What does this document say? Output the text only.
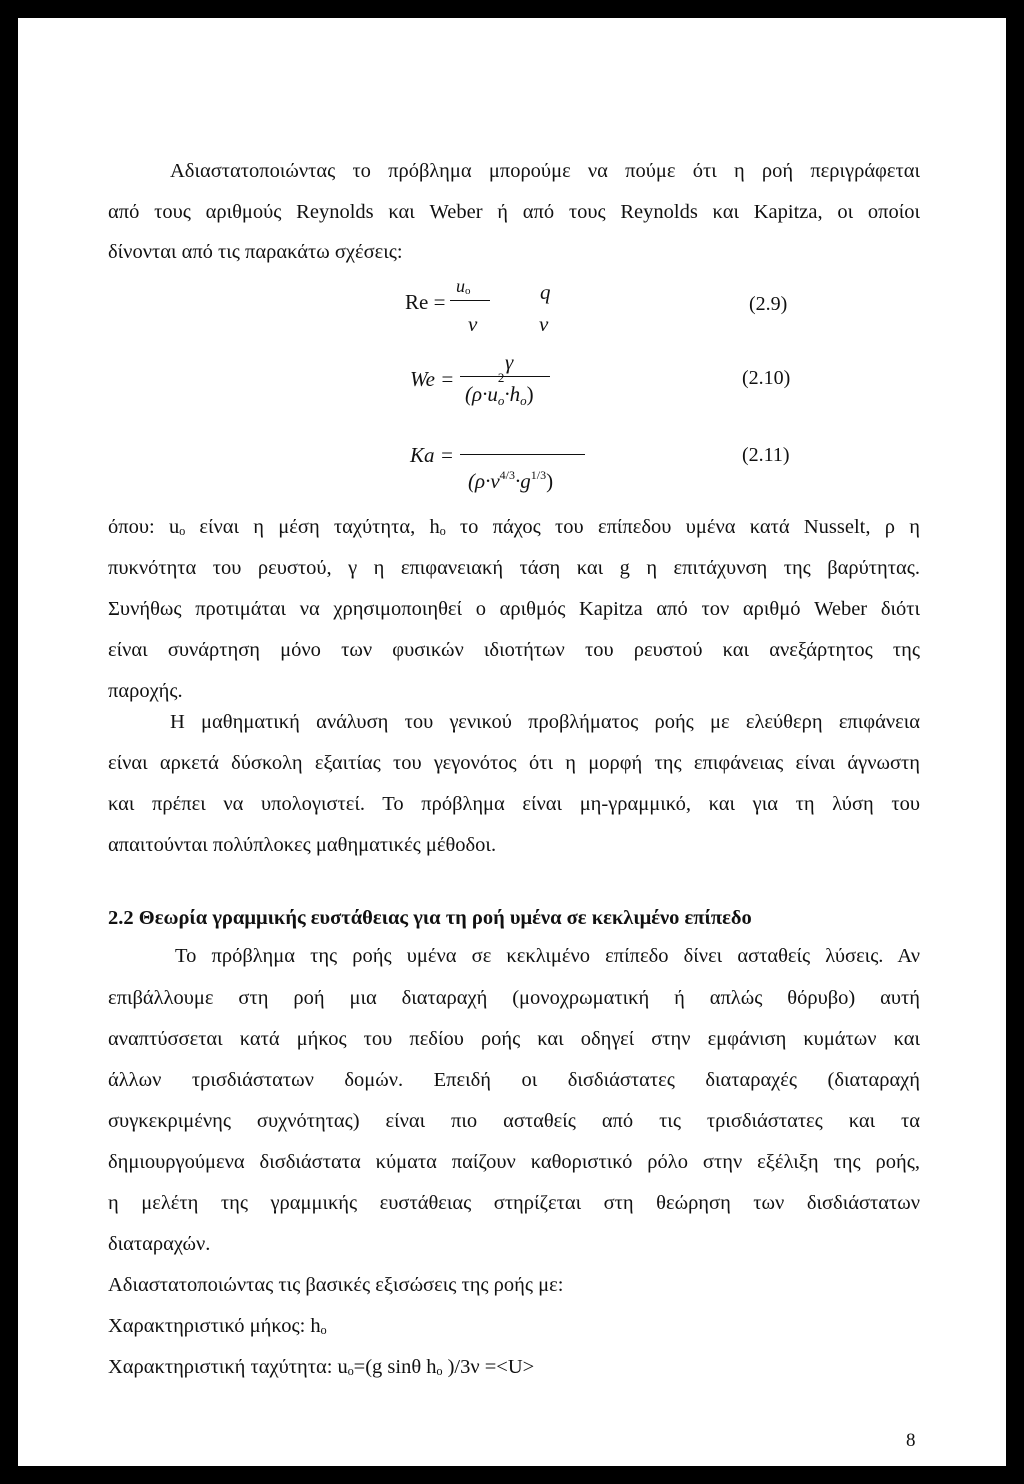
Αδιαστατοποιώντας το πρόβλημα μπορούμε να πούμε ότι η ροή περιγράφεται
από τους αριθμούς Reynolds και Weber ή από τους Reynolds και Kapitza, οι οποίοι
δίνονται από τις παρακάτω σχέσεις:
Re =
uo
ν
q
ν
(2.9)
We =
γ
(ρ·u
2
$_o\cdot h_o$)
(2.10)
Ka =
$(\rho\cdot\nu^{4/3}\cdot g^{1/3})$
(2.11)
όπου: uₒ είναι η μέση ταχύτητα, hₒ το πάχος του επίπεδου υμένα κατά Nusselt, ρ η
πυκνότητα του ρευστού, γ η επιφανειακή τάση και g η επιτάχυνση της βαρύτητας.
Συνήθως προτιμάται να χρησιμοποιηθεί ο αριθμός Kapitza από τον αριθμό Weber διότι
είναι συνάρτηση μόνο των φυσικών ιδιοτήτων του ρευστού και ανεξάρτητος της
παροχής.
Η μαθηματική ανάλυση του γενικού προβλήματος ροής με ελεύθερη επιφάνεια
είναι αρκετά δύσκολη εξαιτίας του γεγονότος ότι η μορφή της επιφάνειας είναι άγνωστη
και πρέπει να υπολογιστεί. Το πρόβλημα είναι μη-γραμμικό, και για τη λύση του
απαιτούνται πολύπλοκες μαθηματικές μέθοδοι.
2.2 Θεωρία γραμμικής ευστάθειας για τη ροή υμένα σε κεκλιμένο επίπεδο
Το πρόβλημα της ροής υμένα σε κεκλιμένο επίπεδο δίνει ασταθείς λύσεις. Αν
επιβάλλουμε στη ροή μια διαταραχή (μονοχρωματική ή απλώς θόρυβο) αυτή
αναπτύσσεται κατά μήκος του πεδίου ροής και οδηγεί στην εμφάνιση κυμάτων και
άλλων τρισδιάστατων δομών. Επειδή οι δισδιάστατες διαταραχές (διαταραχή
συγκεκριμένης συχνότητας) είναι πιο ασταθείς από τις τρισδιάστατες και τα
δημιουργούμενα δισδιάστατα κύματα παίζουν καθοριστικό ρόλο στην εξέλιξη της ροής,
η μελέτη της γραμμικής ευστάθειας στηρίζεται στη θεώρηση των δισδιάστατων
διαταραχών.
Αδιαστατοποιώντας τις βασικές εξισώσεις της ροής με:
Χαρακτηριστικό μήκος: hₒ
Χαρακτηριστική ταχύτητα: uₒ=(g sinθ hₒ )/3ν =<U>
8
